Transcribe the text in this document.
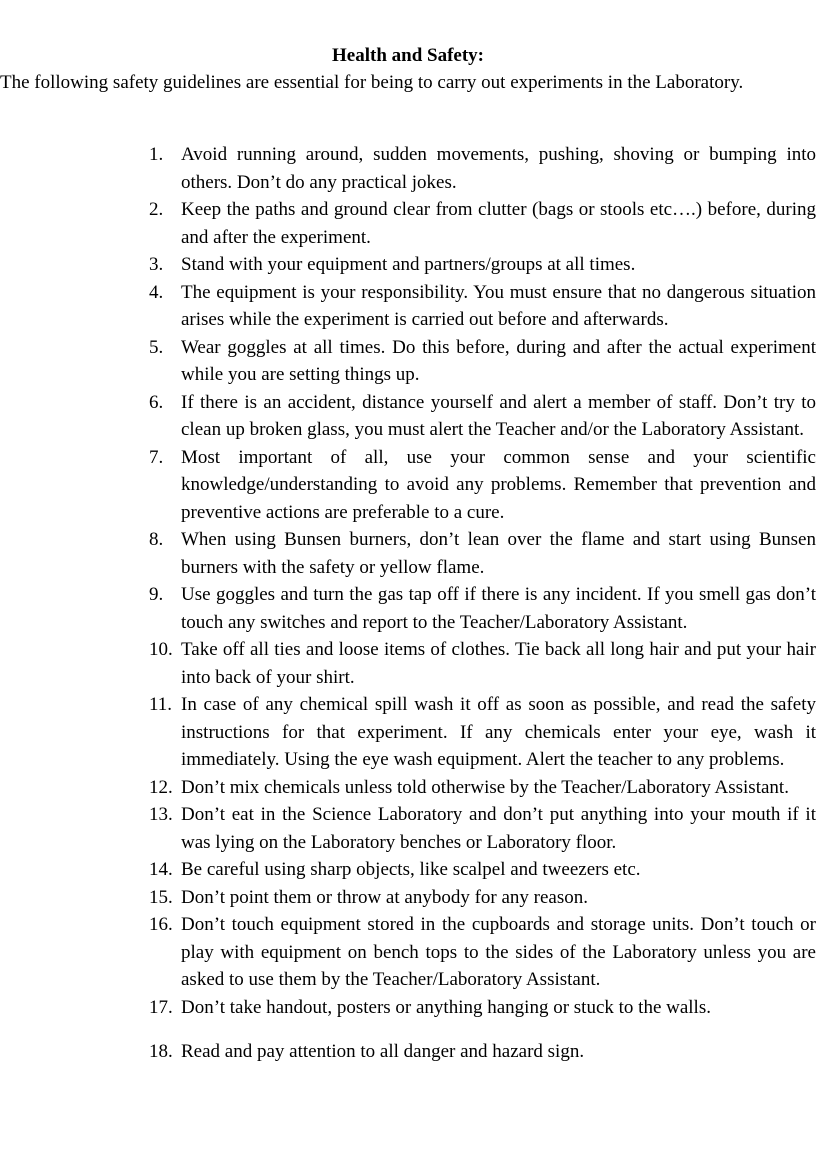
Health and Safety:
The following safety guidelines are essential for being to carry out experiments in the Laboratory.
1. Avoid running around, sudden movements, pushing, shoving or bumping into others. Don’t do any practical jokes.
2. Keep the paths and ground clear from clutter (bags or stools etc….) before, during and after the experiment.
3. Stand with your equipment and partners/groups at all times.
4. The equipment is your responsibility. You must ensure that no dangerous situation arises while the experiment is carried out before and afterwards.
5. Wear goggles at all times. Do this before, during and after the actual experiment while you are setting things up.
6. If there is an accident, distance yourself and alert a member of staff. Don’t try to clean up broken glass, you must alert the Teacher and/or the Laboratory Assistant.
7. Most important of all, use your common sense and your scientific knowledge/understanding to avoid any problems. Remember that prevention and preventive actions are preferable to a cure.
8. When using Bunsen burners, don’t lean over the flame and start using Bunsen burners with the safety or yellow flame.
9. Use goggles and turn the gas tap off if there is any incident. If you smell gas don’t touch any switches and report to the Teacher/Laboratory Assistant.
10. Take off all ties and loose items of clothes. Tie back all long hair and put your hair into back of your shirt.
11. In case of any chemical spill wash it off as soon as possible, and read the safety instructions for that experiment. If any chemicals enter your eye, wash it immediately. Using the eye wash equipment. Alert the teacher to any problems.
12. Don’t mix chemicals unless told otherwise by the Teacher/Laboratory Assistant.
13. Don’t eat in the Science Laboratory and don’t put anything into your mouth if it was lying on the Laboratory benches or Laboratory floor.
14. Be careful using sharp objects, like scalpel and tweezers etc.
15. Don’t point them or throw at anybody for any reason.
16. Don’t touch equipment stored in the cupboards and storage units. Don’t touch or play with equipment on bench tops to the sides of the Laboratory unless you are asked to use them by the Teacher/Laboratory Assistant.
17. Don’t take handout, posters or anything hanging or stuck to the walls.
18. Read and pay attention to all danger and hazard sign.
